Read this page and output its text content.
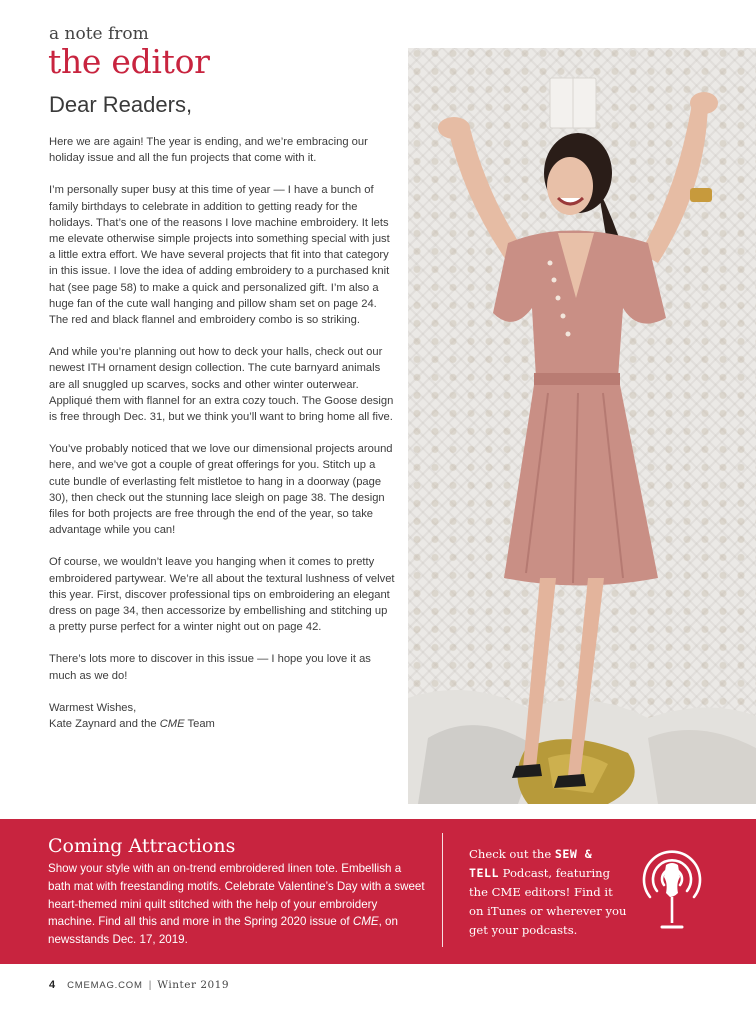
a note from
the editor
Dear Readers,

Here we are again! The year is ending, and we’re embracing our holiday issue and all the fun projects that come with it.

I’m personally super busy at this time of year — I have a bunch of family birthdays to celebrate in addition to getting ready for the holidays. That’s one of the reasons I love machine embroidery. It lets me elevate otherwise simple projects into something special with just a little extra effort. We have several projects that fit into that category in this issue. I love the idea of adding embroidery to a purchased knit hat (see page 58) to make a quick and personalized gift. I’m also a huge fan of the cute wall hanging and pillow sham set on page 24. The red and black flannel and embroidery combo is so striking.

And while you’re planning out how to deck your halls, check out our newest ITH ornament design collection. The cute barnyard animals are all snuggled up scarves, socks and other winter outerwear. Appliqué them with flannel for an extra cozy touch. The Goose design is free through Dec. 31, but we think you’ll want to bring home all five.

You’ve probably noticed that we love our dimensional projects around here, and we’ve got a couple of great offerings for you. Stitch up a cute bundle of everlasting felt mistletoe to hang in a doorway (page 30), then check out the stunning lace sleigh on page 38. The design files for both projects are free through the end of the year, so take advantage while you can!

Of course, we wouldn’t leave you hanging when it comes to pretty embroidered partywear. We’re all about the textural lushness of velvet this year. First, discover professional tips on embroidering an elegant dress on page 34, then accessorize by embellishing and stitching up a pretty purse perfect for a winter night out on page 42.

There’s lots more to discover in this issue — I hope you love it as much as we do!

Warmest Wishes,
Kate Zaynard and the CME Team

Coming Attractions
Show your style with an on-trend embroidered linen tote. Embellish a bath mat with freestanding motifs. Celebrate Valentine’s Day with a sweet heart-themed mini quilt stitched with the help of your embroidery machine. Find all this and more in the Spring 2020 issue of CME, on newsstands Dec. 17, 2019.
Check out the SEW & TELL Podcast, featuring the CME editors! Find it on iTunes or wherever you get your podcasts.
4 CMEMAG.COM | Winter 2019
